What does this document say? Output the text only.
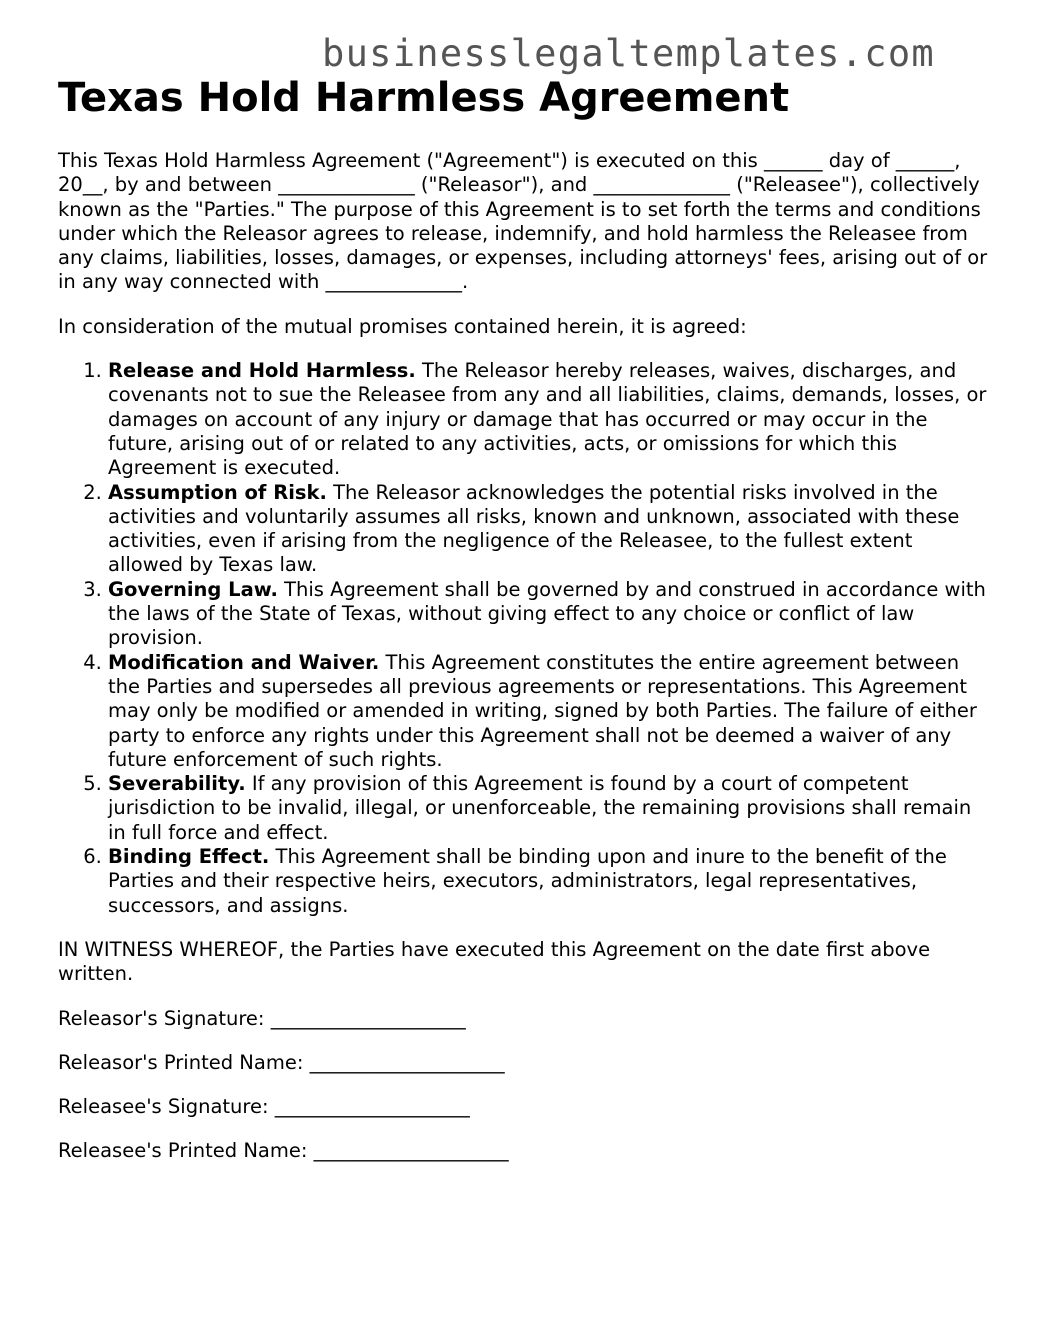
businesslegaltemplates.com
Texas Hold Harmless Agreement

This Texas Hold Harmless Agreement ("Agreement") is executed on this ______ day of ______, 20__, by and between ______________ ("Releasor"), and ______________ ("Releasee"), collectively known as the "Parties." The purpose of this Agreement is to set forth the terms and conditions under which the Releasor agrees to release, indemnify, and hold harmless the Releasee from any claims, liabilities, losses, damages, or expenses, including attorneys' fees, arising out of or in any way connected with ______________.

In consideration of the mutual promises contained herein, it is agreed:

1. Release and Hold Harmless. The Releasor hereby releases, waives, discharges, and covenants not to sue the Releasee from any and all liabilities, claims, demands, losses, or damages on account of any injury or damage that has occurred or may occur in the future, arising out of or related to any activities, acts, or omissions for which this Agreement is executed.
2. Assumption of Risk. The Releasor acknowledges the potential risks involved in the activities and voluntarily assumes all risks, known and unknown, associated with these activities, even if arising from the negligence of the Releasee, to the fullest extent allowed by Texas law.
3. Governing Law. This Agreement shall be governed by and construed in accordance with the laws of the State of Texas, without giving effect to any choice or conflict of law provision.
4. Modification and Waiver. This Agreement constitutes the entire agreement between the Parties and supersedes all previous agreements or representations. This Agreement may only be modified or amended in writing, signed by both Parties. The failure of either party to enforce any rights under this Agreement shall not be deemed a waiver of any future enforcement of such rights.
5. Severability. If any provision of this Agreement is found by a court of competent jurisdiction to be invalid, illegal, or unenforceable, the remaining provisions shall remain in full force and effect.
6. Binding Effect. This Agreement shall be binding upon and inure to the benefit of the Parties and their respective heirs, executors, administrators, legal representatives, successors, and assigns.

IN WITNESS WHEREOF, the Parties have executed this Agreement on the date first above written.

Releasor's Signature: ____________________

Releasor's Printed Name: ____________________

Releasee's Signature: ____________________

Releasee's Printed Name: ____________________
